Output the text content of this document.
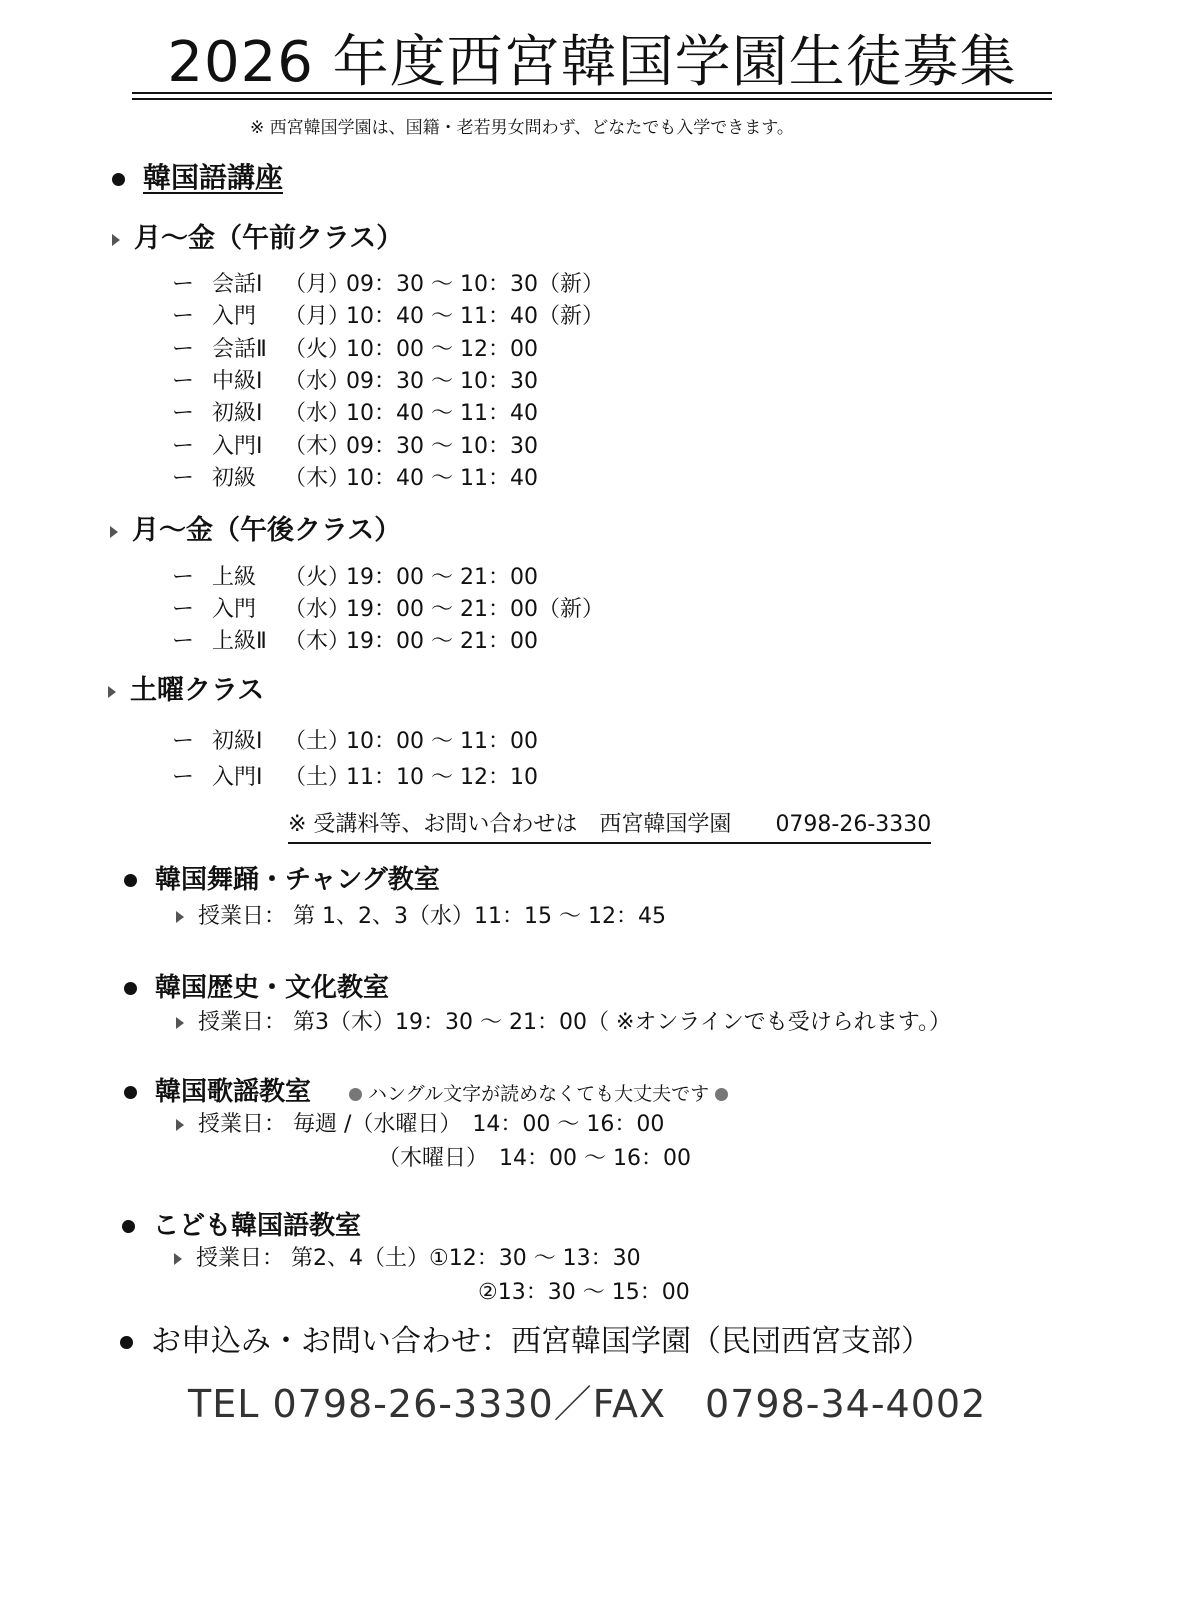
2026 年度西宮韓国学園生徒募集
※ 西宮韓国学園は、国籍・老若男女問わず、どなたでも入学できます。
韓国語講座
月～金（午前クラス）
ー 会話Ⅰ （月）09：30 ～ 10：30（新）
ー 入門 （月）10：40 ～ 11：40（新）
ー 会話Ⅱ （火）10：00 ～ 12：00
ー 中級Ⅰ （水）09：30 ～ 10：30
ー 初級Ⅰ （水）10：40 ～ 11：40
ー 入門Ⅰ （木）09：30 ～ 10：30
ー 初級 （木）10：40 ～ 11：40
月～金（午後クラス）
ー 上級 （火）19：00 ～ 21：00
ー 入門 （水）19：00 ～ 21：00（新）
ー 上級Ⅱ （木）19：00 ～ 21：00
土曜クラス
ー 初級Ⅰ （土）10：00 ～ 11：00
ー 入門Ⅰ （土）11：10 ～ 12：10
※ 受講料等、お問い合わせは　西宮韓国学園 0798-26-3330
韓国舞踊・チャング教室
授業日： 第 1、2、3（水）11：15 ～ 12：45
韓国歴史・文化教室
授業日： 第3（木）19：30 ～ 21：00（ ※オンラインでも受けられます。）
韓国歌謡教室	ハングル文字が読めなくても大丈夫です
授業日： 毎週 /（水曜日）　14：00 ～ 16：00
（木曜日）　14：00 ～ 16：00
こども韓国語教室
授業日： 第2、4（土）①12：30 ～ 13：30
②13：30 ～ 15：00
お申込み・お問い合わせ：西宮韓国学園（民団西宮支部）
TEL 0798-26-3330／FAX　0798-34-4002
